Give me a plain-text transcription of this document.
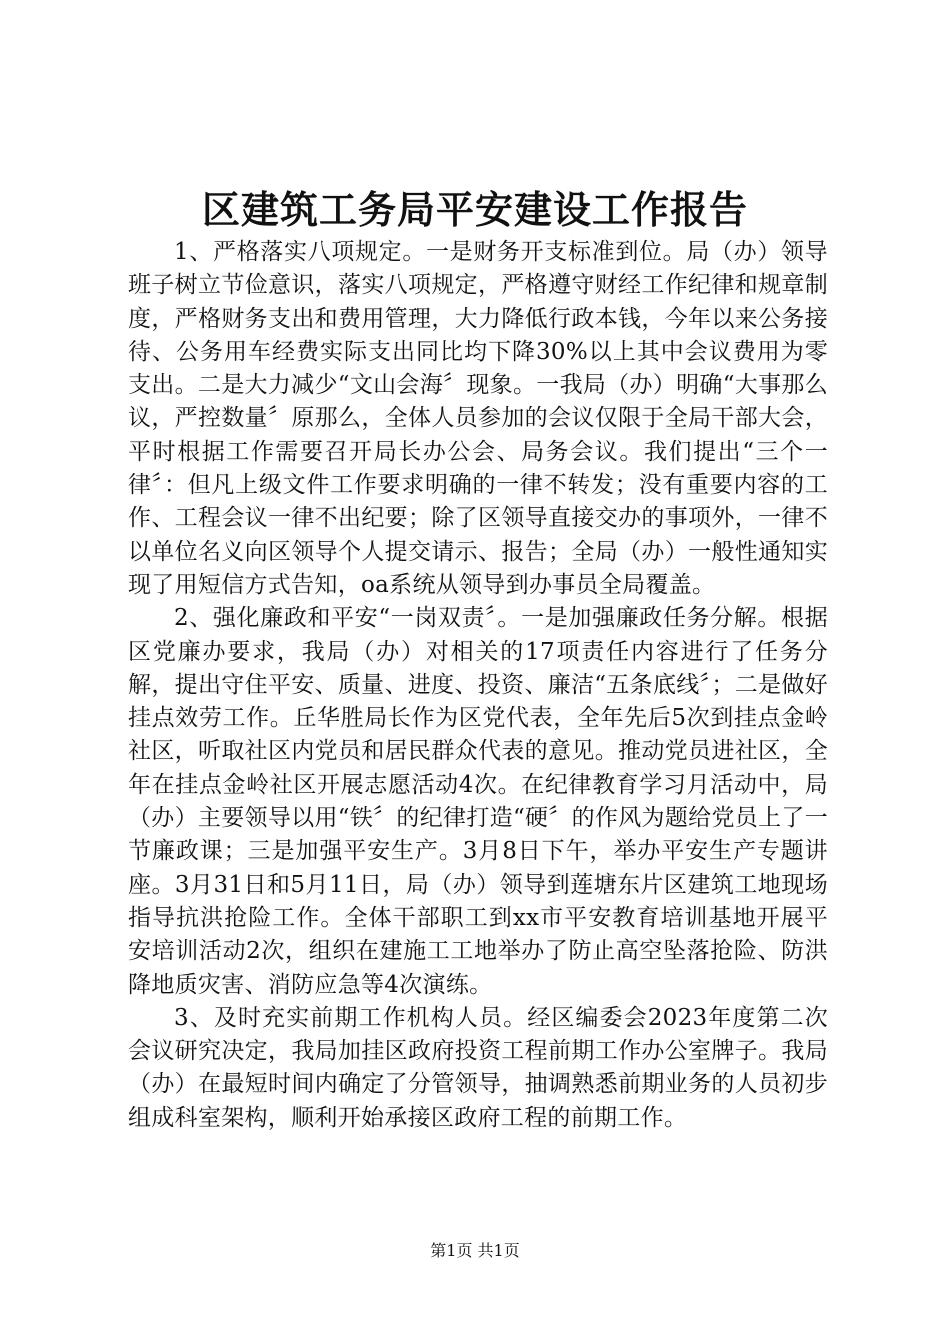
区建筑工务局平安建设工作报告

1、严格落实八项规定。一是财务开支标准到位。局（办）领导班子树立节俭意识，落实八项规定，严格遵守财经工作纪律和规章制度，严格财务支出和费用管理，大力降低行政本钱，今年以来公务接待、公务用车经费实际支出同比均下降30%以上其中会议费用为零支出。二是大力减少“文山会海〞现象。一我局（办）明确“大事那么议，严控数量〞原那么，全体人员参加的会议仅限于全局干部大会，平时根据工作需要召开局长办公会、局务会议。我们提出“三个一律〞：但凡上级文件工作要求明确的一律不转发；没有重要内容的工作、工程会议一律不出纪要；除了区领导直接交办的事项外，一律不以单位名义向区领导个人提交请示、报告；全局（办）一般性通知实现了用短信方式告知，oa系统从领导到办事员全局覆盖。

2、强化廉政和平安“一岗双责〞。一是加强廉政任务分解。根据区党廉办要求，我局（办）对相关的17项责任内容进行了任务分解，提出守住平安、质量、进度、投资、廉洁“五条底线〞；二是做好挂点效劳工作。丘华胜局长作为区党代表，全年先后5次到挂点金岭社区，听取社区内党员和居民群众代表的意见。推动党员进社区，全年在挂点金岭社区开展志愿活动4次。在纪律教育学习月活动中，局（办）主要领导以用“铁〞的纪律打造“硬〞的作风为题给党员上了一节廉政课；三是加强平安生产。3月8日下午，举办平安生产专题讲座。3月31日和5月11日，局（办）领导到莲塘东片区建筑工地现场指导抗洪抢险工作。全体干部职工到xx市平安教育培训基地开展平安培训活动2次，组织在建施工工地举办了防止高空坠落抢险、防洪降地质灾害、消防应急等4次演练。

3、及时充实前期工作机构人员。经区编委会2023年度第二次会议研究决定，我局加挂区政府投资工程前期工作办公室牌子。我局（办）在最短时间内确定了分管领导，抽调熟悉前期业务的人员初步组成科室架构，顺利开始承接区政府工程的前期工作。

第1页 共1页
